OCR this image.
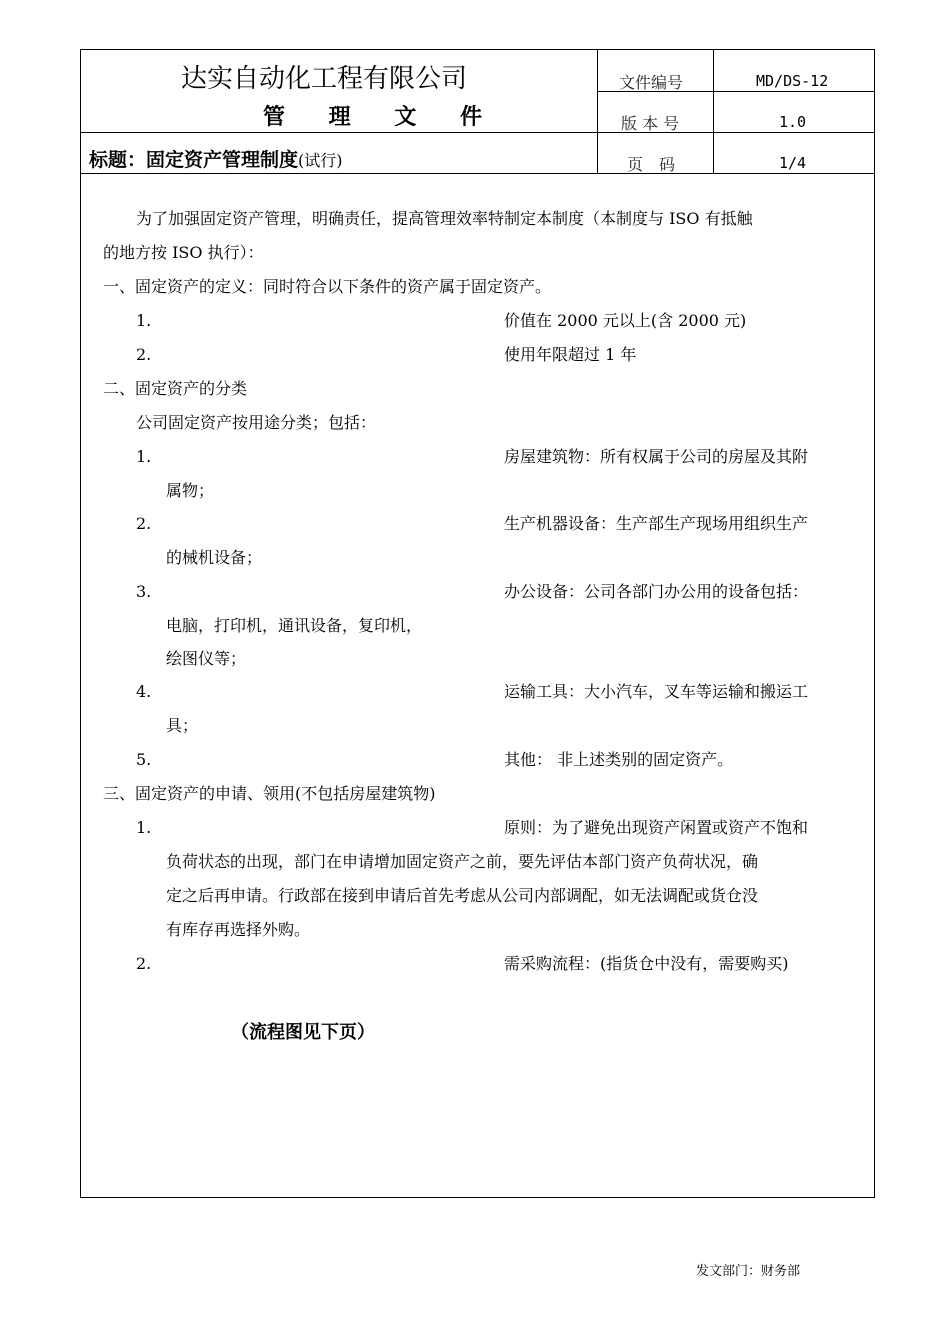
达实自动化工程有限公司
管 理 文 件
标题：固定资产管理制度(试行)
文件编号	MD/DS-12
版 本 号	1.0
页　码	1/4
为了加强固定资产管理，明确责任，提高管理效率特制定本制度（本制度与 ISO 有抵触
的地方按 ISO 执行）：
一、固定资产的定义：同时符合以下条件的资产属于固定资产。
1.	价值在 2000 元以上(含 2000 元)
2.	使用年限超过 1 年
二、固定资产的分类
公司固定资产按用途分类；包括：
1.	房屋建筑物：所有权属于公司的房屋及其附
属物；
2.	生产机器设备：生产部生产现场用组织生产
的械机设备；
3.	办公设备：公司各部门办公用的设备包括：
电脑，打印机，通讯设备，复印机，
绘图仪等；
4.	运输工具：大小汽车，叉车等运输和搬运工
具；
5.	其他： 非上述类别的固定资产。
三、固定资产的申请、领用(不包括房屋建筑物)
1.	原则：为了避免出现资产闲置或资产不饱和
负荷状态的出现，部门在申请增加固定资产之前，要先评估本部门资产负荷状况，确
定之后再申请。行政部在接到申请后首先考虑从公司内部调配，如无法调配或货仓没
有库存再选择外购。
2.	需采购流程：(指货仓中没有，需要购买)
（流程图见下页）
发文部门：财务部
